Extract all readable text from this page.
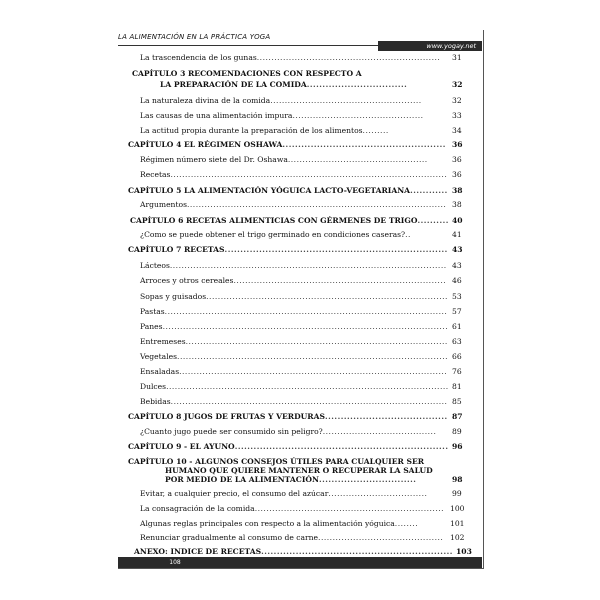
LA ALIMENTACIÓN EN LA PRÁCTICA YOGA
www.yogay.net
La trascendencia de los gunas............................................................... 31
CAPÍTULO 3 RECOMENDACIONES CON RESPECTO A
LA PREPARACIÓN DE LA COMIDA................................	32
La naturaleza divina de la comida....................................................	32
Las causas de una alimentación impura.............................................	33
La actitud propia durante la preparación de los alimentos.........	34
CAPÍTULO 4 EL RÉGIMEN OSHAWA.................................................... 36
Régimen número siete del Dr. Oshawa................................................	36
Recetas............................................................................................... 36
CAPÍTULO 5 LA ALIMENTACIÓN YÓGUICA LACTO-VEGETARIANA............ 38
Argumentos......................................................................................... 38
CAPÍTULO 6 RECETAS ALIMENTICIAS CON GÉRMENES DE TRIGO.......... 40
¿Como se puede obtener el trigo germinado en condiciones caseras?..	41
CAPÍTULO 7 RECETAS....................................................................... 43
Lácteos............................................................................................... 43
Arroces y otros cereales......................................................................... 46
Sopas y guisados................................................................................... 53
Pastas................................................................................................. 57
Panes.................................................................................................. 61
Entremeses.......................................................................................... 63
Vegetales............................................................................................. 66
Ensaladas............................................................................................ 76
Dulces................................................................................................. 81
Bebidas............................................................................................... 85
CAPÍTULO 8 JUGOS DE FRUTAS Y VERDURAS....................................... 87
¿Cuanto jugo puede ser consumido sin peligro?....................................... 89
CAPÍTULO 9 - EL AYUNO.................................................................... 96
CAPÍTULO 10 - ALGUNOS CONSEJOS ÚTILES PARA CUALQUIER SER
HUMANO QUE QUIERE MANTENER O RECUPERAR LA SALUD
POR MEDIO DE LA ALIMENTACIÓN...............................	98
Evitar, a cualquier precio, el consumo del azúcar..................................	99
La consagración de la comida................................................................. 100
Algunas reglas principales con respecto a la alimentación yóguica........	101
Renunciar gradualmente al consumo de carne........................................... 102
ANEXO: INDICE DE RECETAS............................................................. 103
108
